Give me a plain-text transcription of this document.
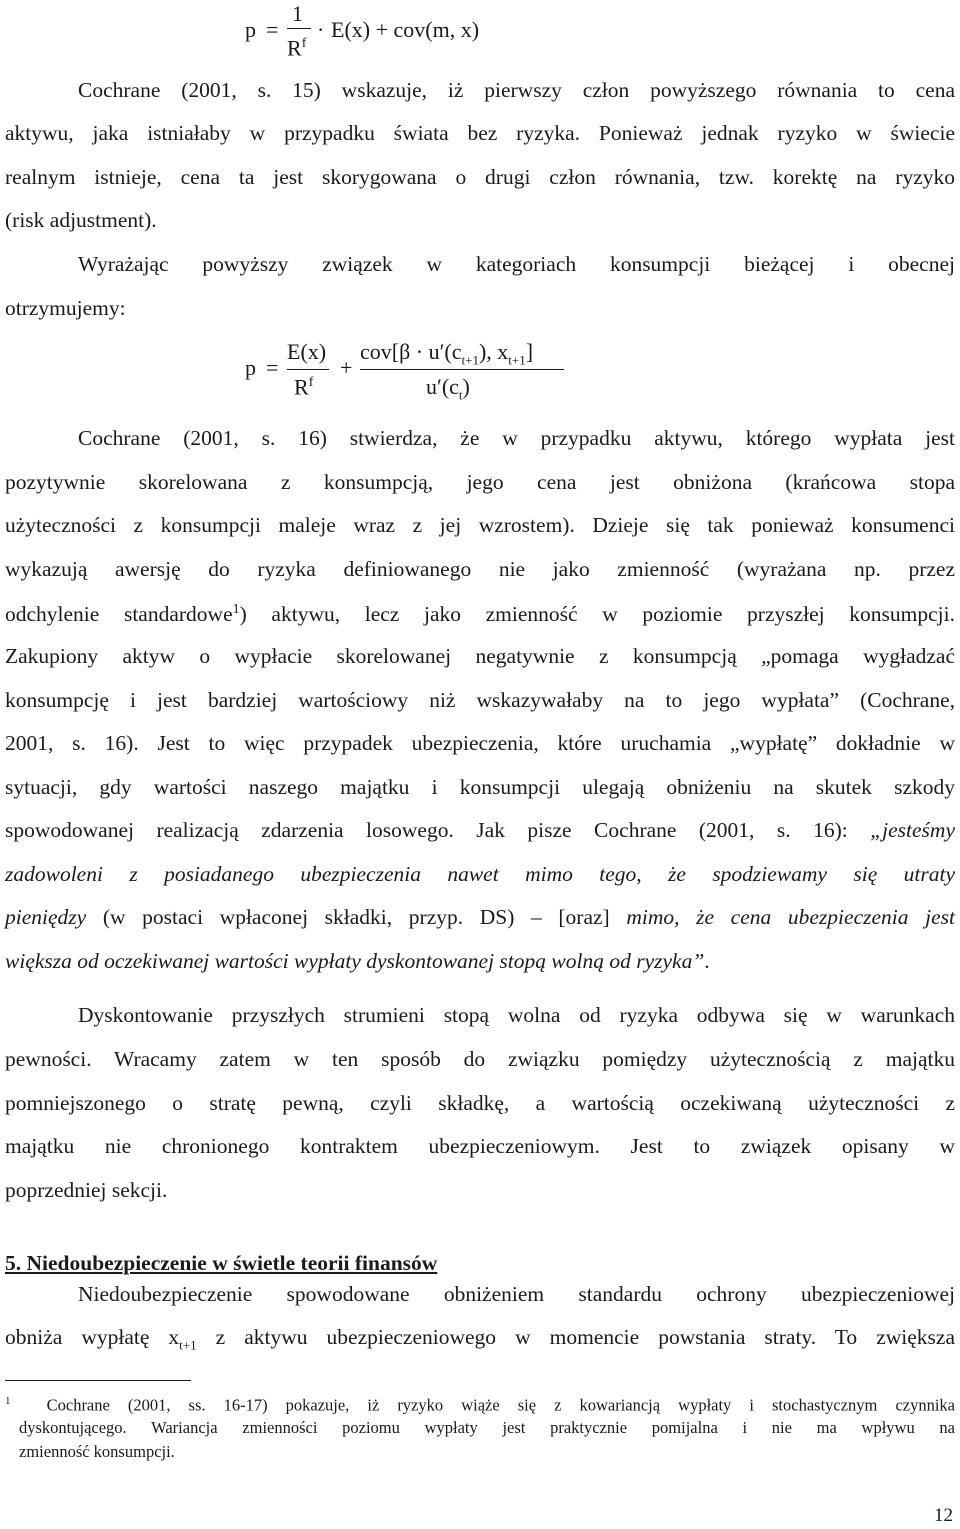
p =
1
$R^f$
· E(x) + cov(m, x)
Cochrane (2001, s. 15) wskazuje, iż pierwszy człon powyższego równania to cena
aktywu, jaka istniałaby w przypadku świata bez ryzyka. Ponieważ jednak ryzyko w świecie
realnym istnieje, cena ta jest skorygowana o drugi człon równania, tzw. korektę na ryzyko
(risk adjustment).
Wyrażając powyższy związek w kategoriach konsumpcji bieżącej i obecnej
otrzymujemy:
p =
E(x)
$R^f$
+
$cov[\beta \cdot u'(c_{t+1})$, $x_{t+1}$]
$u'(c_t)$
Cochrane (2001, s. 16) stwierdza, że w przypadku aktywu, którego wypłata jest
pozytywnie skorelowana z konsumpcją, jego cena jest obniżona (krańcowa stopa
użyteczności z konsumpcji maleje wraz z jej wzrostem). Dzieje się tak ponieważ konsumenci
wykazują awersję do ryzyka definiowanego nie jako zmienność (wyrażana np. przez
odchylenie standardowe$^1$) aktywu, lecz jako zmienność w poziomie przyszłej konsumpcji.
Zakupiony aktyw o wypłacie skorelowanej negatywnie z konsumpcją „pomaga wygładzać
konsumpcję i jest bardziej wartościowy niż wskazywałaby na to jego wypłata” (Cochrane,
2001, s. 16). Jest to więc przypadek ubezpieczenia, które uruchamia „wypłatę” dokładnie w
sytuacji, gdy wartości naszego majątku i konsumpcji ulegają obniżeniu na skutek szkody
spowodowanej realizacją zdarzenia losowego. Jak pisze Cochrane (2001, s. 16): „jesteśmy
zadowoleni z posiadanego ubezpieczenia nawet mimo tego, że spodziewamy się utraty
pieniędzy (w postaci wpłaconej składki, przyp. DS) – [oraz] mimo, że cena ubezpieczenia jest
większa od oczekiwanej wartości wypłaty dyskontowanej stopą wolną od ryzyka”.
Dyskontowanie przyszłych strumieni stopą wolna od ryzyka odbywa się w warunkach
pewności. Wracamy zatem w ten sposób do związku pomiędzy użytecznością z majątku
pomniejszonego o stratę pewną, czyli składkę, a wartością oczekiwaną użyteczności z
majątku nie chronionego kontraktem ubezpieczeniowym. Jest to związek opisany w
poprzedniej sekcji.
5. Niedoubezpieczenie w świetle teorii finansów
Niedoubezpieczenie spowodowane obniżeniem standardu ochrony ubezpieczeniowej
obniża wypłatę $x_{t+1}$ z aktywu ubezpieczeniowego w momencie powstania straty. To zwiększa
$^1$ Cochrane (2001, ss. 16-17) pokazuje, iż ryzyko wiąże się z kowariancją wypłaty i stochastycznym czynnika
dyskontującego. Wariancja zmienności poziomu wypłaty jest praktycznie pomijalna i nie ma wpływu na
zmienność konsumpcji.
12
